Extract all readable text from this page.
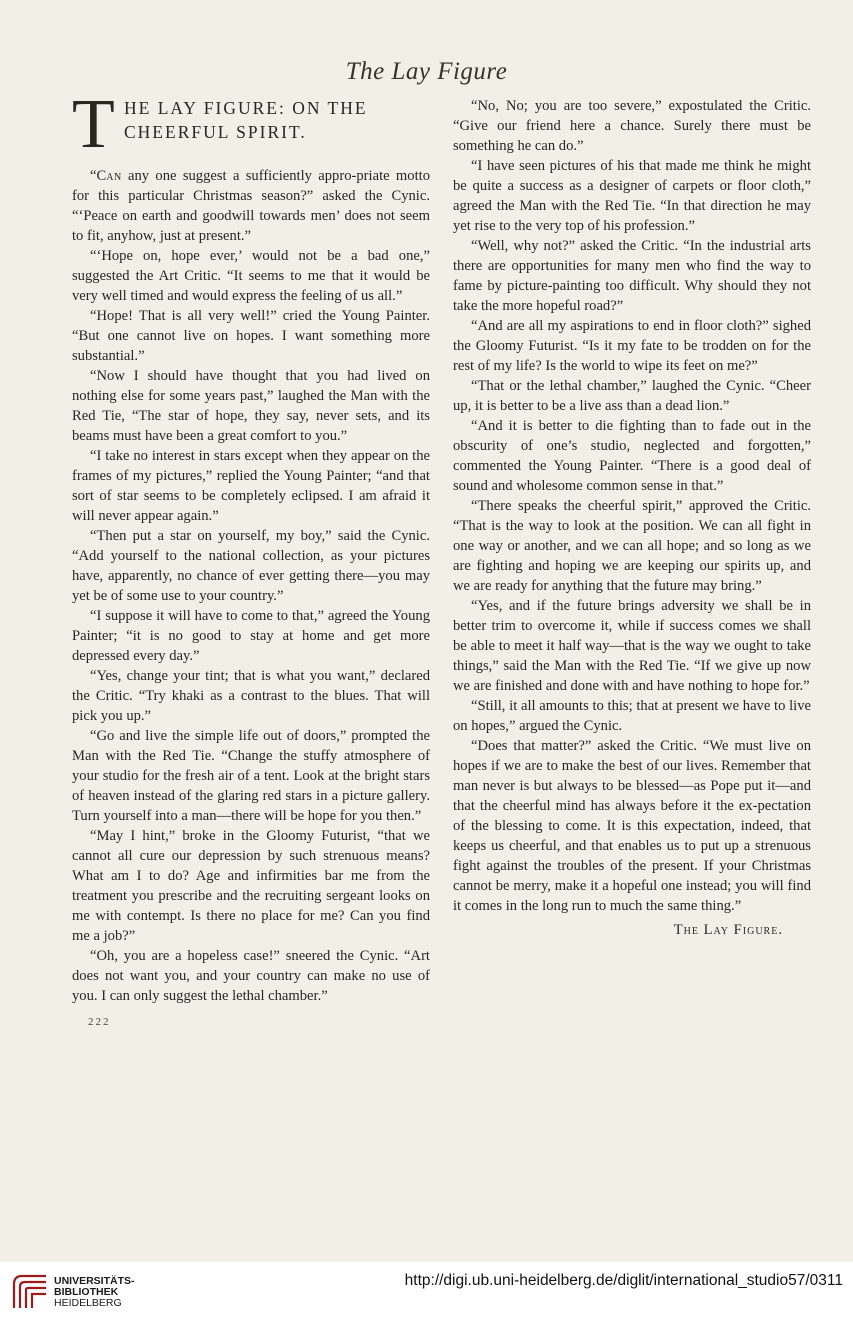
The Lay Figure
T HE LAY FIGURE: ON THE
CHEERFUL SPIRIT.

“Can any one suggest a sufficiently appro-priate motto for this particular Christmas season?” asked the Cynic. “‘Peace on earth and goodwill towards men’ does not seem to fit, anyhow, just at present.”

“‘Hope on, hope ever,’ would not be a bad one,” suggested the Art Critic. “It seems to me that it would be very well timed and would express the feeling of us all.”

“Hope! That is all very well!” cried the Young Painter. “But one cannot live on hopes. I want something more substantial.”

“Now I should have thought that you had lived on nothing else for some years past,” laughed the Man with the Red Tie, “The star of hope, they say, never sets, and its beams must have been a great comfort to you.”

“I take no interest in stars except when they appear on the frames of my pictures,” replied the Young Painter; “and that sort of star seems to be completely eclipsed. I am afraid it will never appear again.”

“Then put a star on yourself, my boy,” said the Cynic. “Add yourself to the national collection, as your pictures have, apparently, no chance of ever getting there—you may yet be of some use to your country.”

“I suppose it will have to come to that,” agreed the Young Painter; “it is no good to stay at home and get more depressed every day.”

“Yes, change your tint; that is what you want,” declared the Critic. “Try khaki as a contrast to the blues. That will pick you up.”

“Go and live the simple life out of doors,” prompted the Man with the Red Tie. “Change the stuffy atmosphere of your studio for the fresh air of a tent. Look at the bright stars of heaven instead of the glaring red stars in a picture gallery. Turn yourself into a man—there will be hope for you then.”

“May I hint,” broke in the Gloomy Futurist, “that we cannot all cure our depression by such strenuous means? What am I to do? Age and infirmities bar me from the treatment you prescribe and the recruiting sergeant looks on me with contempt. Is there no place for me? Can you find me a job?”

“Oh, you are a hopeless case!” sneered the Cynic. “Art does not want you, and your country can make no use of you. I can only suggest the lethal chamber.”

“No, No; you are too severe,” expostulated the Critic. “Give our friend here a chance. Surely there must be something he can do.”

“I have seen pictures of his that made me think he might be quite a success as a designer of carpets or floor cloth,” agreed the Man with the Red Tie. “In that direction he may yet rise to the very top of his profession.”

“Well, why not?” asked the Critic. “In the industrial arts there are opportunities for many men who find the way to fame by picture-painting too difficult. Why should they not take the more hopeful road?”

“And are all my aspirations to end in floor cloth?” sighed the Gloomy Futurist. “Is it my fate to be trodden on for the rest of my life? Is the world to wipe its feet on me?”

“That or the lethal chamber,” laughed the Cynic. “Cheer up, it is better to be a live ass than a dead lion.”

“And it is better to die fighting than to fade out in the obscurity of one’s studio, neglected and forgotten,” commented the Young Painter. “There is a good deal of sound and wholesome common sense in that.”

“There speaks the cheerful spirit,” approved the Critic. “That is the way to look at the position. We can all fight in one way or another, and we can all hope; and so long as we are fighting and hoping we are keeping our spirits up, and we are ready for anything that the future may bring.”

“Yes, and if the future brings adversity we shall be in better trim to overcome it, while if success comes we shall be able to meet it half way—that is the way we ought to take things,” said the Man with the Red Tie. “If we give up now we are finished and done with and have nothing to hope for.”

“Still, it all amounts to this; that at present we have to live on hopes,” argued the Cynic.

“Does that matter?” asked the Critic. “We must live on hopes if we are to make the best of our lives. Remember that man never is but always to be blessed—as Pope put it—and that the cheerful mind has always before it the ex-pectation of the blessing to come. It is this expectation, indeed, that keeps us cheerful, and that enables us to put up a strenuous fight against the troubles of the present. If your Christmas cannot be merry, make it a hopeful one instead; you will find it comes in the long run to much the same thing.”

The Lay Figure.
222
UNIVERSITÄTS-
BIBLIOTHEK
HEIDELBERG
http://digi.ub.uni-heidelberg.de/diglit/international_studio57/0311
